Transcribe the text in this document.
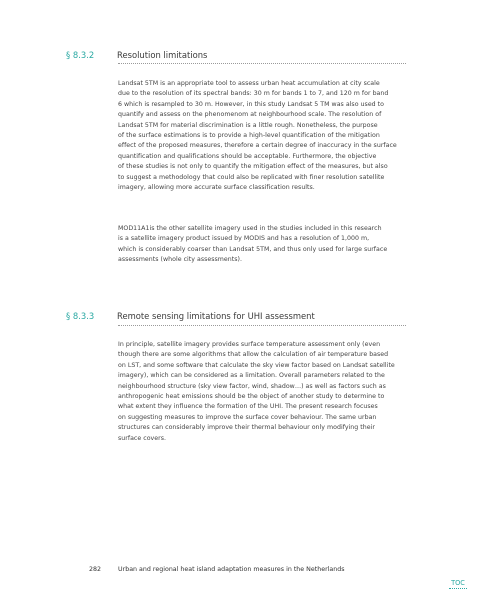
§ 8.3.2	Resolution limitations

Landsat 5TM is an appropriate tool to assess urban heat accumulation at city scale
due to the resolution of its spectral bands: 30 m for bands 1 to 7, and 120 m for band
6 which is resampled to 30 m. However, in this study Landsat 5 TM was also used to
quantify and assess on the phenomenom at neighbourhood scale. The resolution of
Landsat 5TM for material discrimination is a little rough. Nonetheless, the purpose
of the surface estimations is to provide a high-level quantification of the mitigation
effect of the proposed measures, therefore a certain degree of inaccuracy in the surface
quantification and qualifications should be acceptable. Furthermore, the objective
of these studies is not only to quantify the mitigation effect of the measures, but also
to suggest a methodology that could also be replicated with finer resolution satellite
imagery, allowing more accurate surface classification results.

MOD11A1is the other satellite imagery used in the studies included in this research
is a satellite imagery product issued by MODIS and has a resolution of 1,000 m,
which is considerably coarser than Landsat 5TM, and thus only used for large surface
assessments (whole city assessments).

§ 8.3.3	Remote sensing limitations for UHI assessment

In principle, satellite imagery provides surface temperature assessment only (even
though there are some algorithms that allow the calculation of air temperature based
on LST, and some software that calculate the sky view factor based on Landsat satellite
imagery), which can be considered as a limitation. Overall parameters related to the
neighbourhood structure (sky view factor, wind, shadow…) as well as factors such as
anthropogenic heat emissions should be the object of another study to determine to
what extent they influence the formation of the UHI. The present research focuses
on suggesting measures to improve the surface cover behaviour. The same urban
structures can considerably improve their thermal behaviour only modifying their
surface covers.

282	Urban and regional heat island adaptation measures in the Netherlands
TOC
